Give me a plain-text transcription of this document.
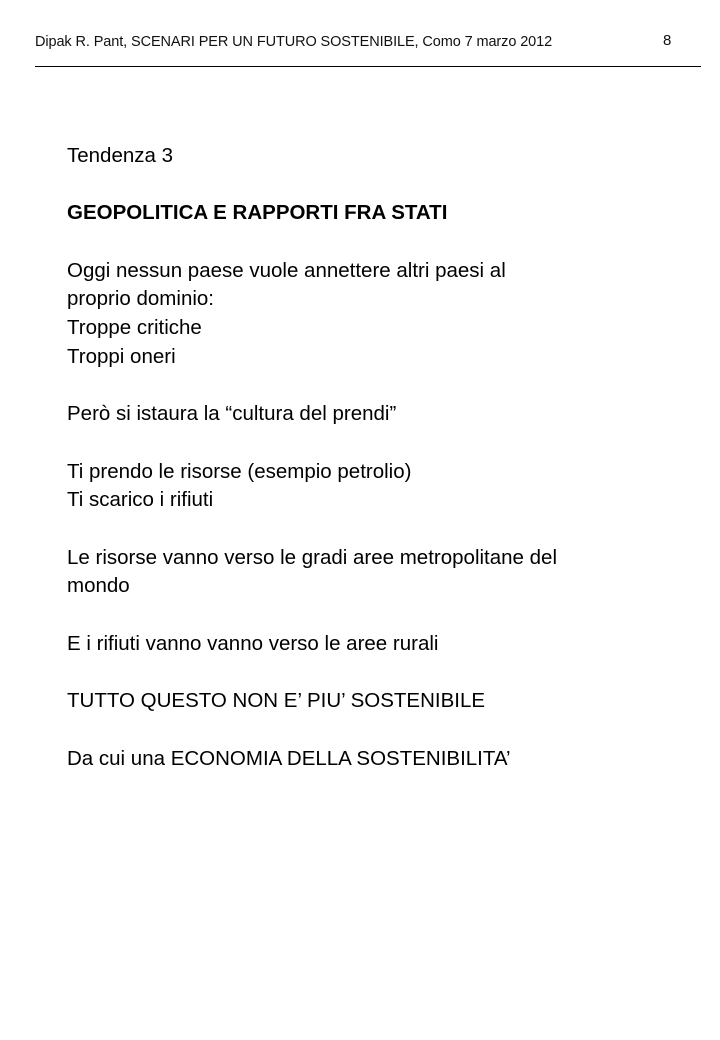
Dipak R. Pant, SCENARI PER UN FUTURO SOSTENIBILE, Como 7 marzo 2012	8
Tendenza 3
GEOPOLITICA E RAPPORTI FRA STATI
Oggi nessun paese vuole annettere altri paesi al
proprio dominio:
Troppe critiche
Troppi oneri
Però si istaura la “cultura del prendi”
Ti prendo le risorse (esempio petrolio)
Ti scarico i rifiuti
Le risorse vanno verso le gradi aree metropolitane del
mondo
E i rifiuti vanno vanno verso le aree rurali
TUTTO QUESTO NON E’ PIU’ SOSTENIBILE
Da cui una ECONOMIA DELLA SOSTENIBILITA’
